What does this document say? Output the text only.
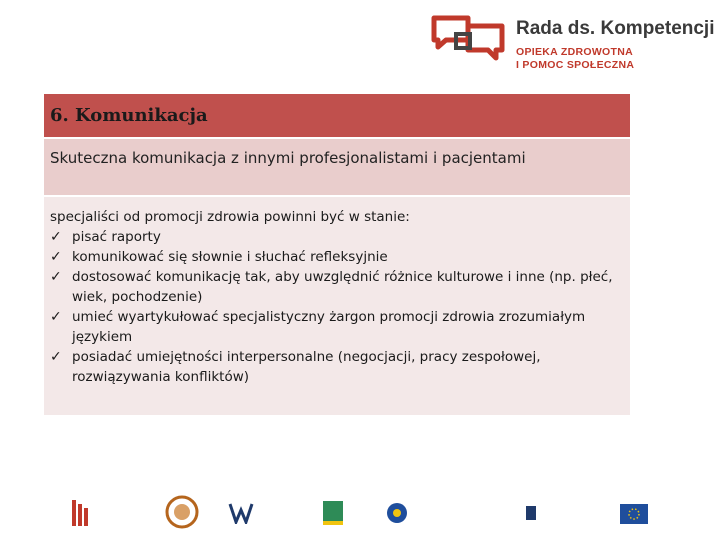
Rada ds. Kompetencji
OPIEKA ZDROWOTNA
I POMOC SPOŁECZNA
6. Komunikacja
Skuteczna komunikacja z innymi profesjonalistami i pacjentami
specjaliści od promocji zdrowia powinni być w stanie:
✓ pisać raporty
✓ komunikować się słownie i słuchać refleksyjnie
✓ dostosować komunikację tak, aby uwzględnić różnice kulturowe i inne (np. płeć, wiek, pochodzenie)
✓ umieć wyartykułować specjalistyczny żargon promocji zdrowia zrozumiałym językiem
✓ posiadać umiejętności interpersonalne (negocjacji, pracy zespołowej, rozwiązywania konfliktów)
